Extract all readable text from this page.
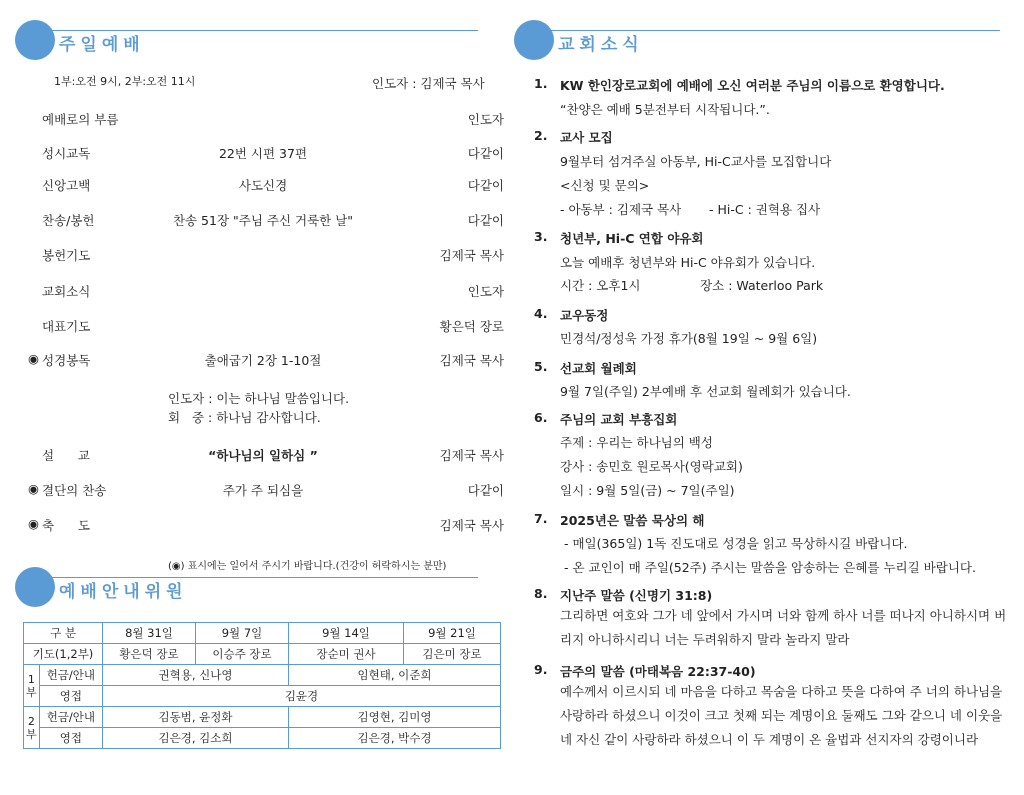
주일예배
1부:오전 9시, 2부:오전 11시	인도자 : 김제국 목사
예배로의 부름	인도자
성시교독	22번 시편 37편	다같이
신앙고백	사도신경	다같이
찬송/봉헌	찬송 51장 "주님 주신 거룩한 날"	다같이
봉헌기도	김제국 목사
교회소식	인도자
대표기도	황은덕 장로
◉ 성경봉독	출애굽기 2장 1-10절	김제국 목사
인도자 : 이는 하나님 말씀입니다.
회   중 : 하나님 감사합니다.
설      교	“하나님의 일하심 ”	김제국 목사
◉ 결단의 찬송	주가 주 되심을	다같이
◉ 축      도	김제국 목사
(◉) 표시에는 일어서 주시기 바랍니다.(건강이 허락하시는 분만)
예배안내위원
구 분		8월 31일	9월 7일	9월 14일	9월 21일
기도(1,2부)		황은덕 장로	이승주 장로	장순미 권사	김은미 장로
1부	헌금/안내	권혁용, 신나영		임현태, 이준희	
	영접	김윤경			
2부	헌금/안내	김동범, 윤정화		김영현, 김미영	
	영접	김은경, 김소희		김은경, 박수경	
교회소식
1. KW 한인장로교회에 예배에 오신 여러분 주님의 이름으로 환영합니다.
“찬양은 예배 5분전부터 시작됩니다.”.
2. 교사 모집
9월부터 섬겨주실 아동부, Hi-C교사를 모집합니다
<신청 및 문의>
- 아동부 : 김제국 목사       - Hi-C : 권혁용 집사
3. 청년부, Hi-C 연합 야유회
오늘 예배후 청년부와 Hi-C 야유회가 있습니다.
시간 : 오후1시               장소 : Waterloo Park
4. 교우동정
민경석/정성욱 가정 휴가(8월 19일 ~ 9월 6일)
5. 선교회 월례회
9월 7일(주일) 2부예배 후 선교회 월례회가 있습니다.
6. 주님의 교회 부흥집회
주제 : 우리는 하나님의 백성
강사 : 송민호 원로목사(영락교회)
일시 : 9월 5일(금) ~ 7일(주일)
7. 2025년은 말씀 묵상의 해
- 매일(365일) 1독 진도대로 성경을 읽고 묵상하시길 바랍니다.
- 온 교인이 매 주일(52주) 주시는 말씀을 암송하는 은혜를 누리길 바랍니다.
8. 지난주 말씀 (신명기 31:8)
그리하면 여호와 그가 네 앞에서 가시며 너와 함께 하사 너를 떠나지 아니하시며 버리지 아니하시리니 너는 두려워하지 말라 놀라지 말라
9. 금주의 말씀 (마태복음 22:37-40)
예수께서 이르시되 네 마음을 다하고 목숨을 다하고 뜻을 다하여 주 너의 하나님을 사랑하라 하셨으니 이것이 크고 첫째 되는 계명이요 둘째도 그와 같으니 네 이웃을 네 자신 같이 사랑하라 하셨으니 이 두 계명이 온 율법과 선지자의 강령이니라
